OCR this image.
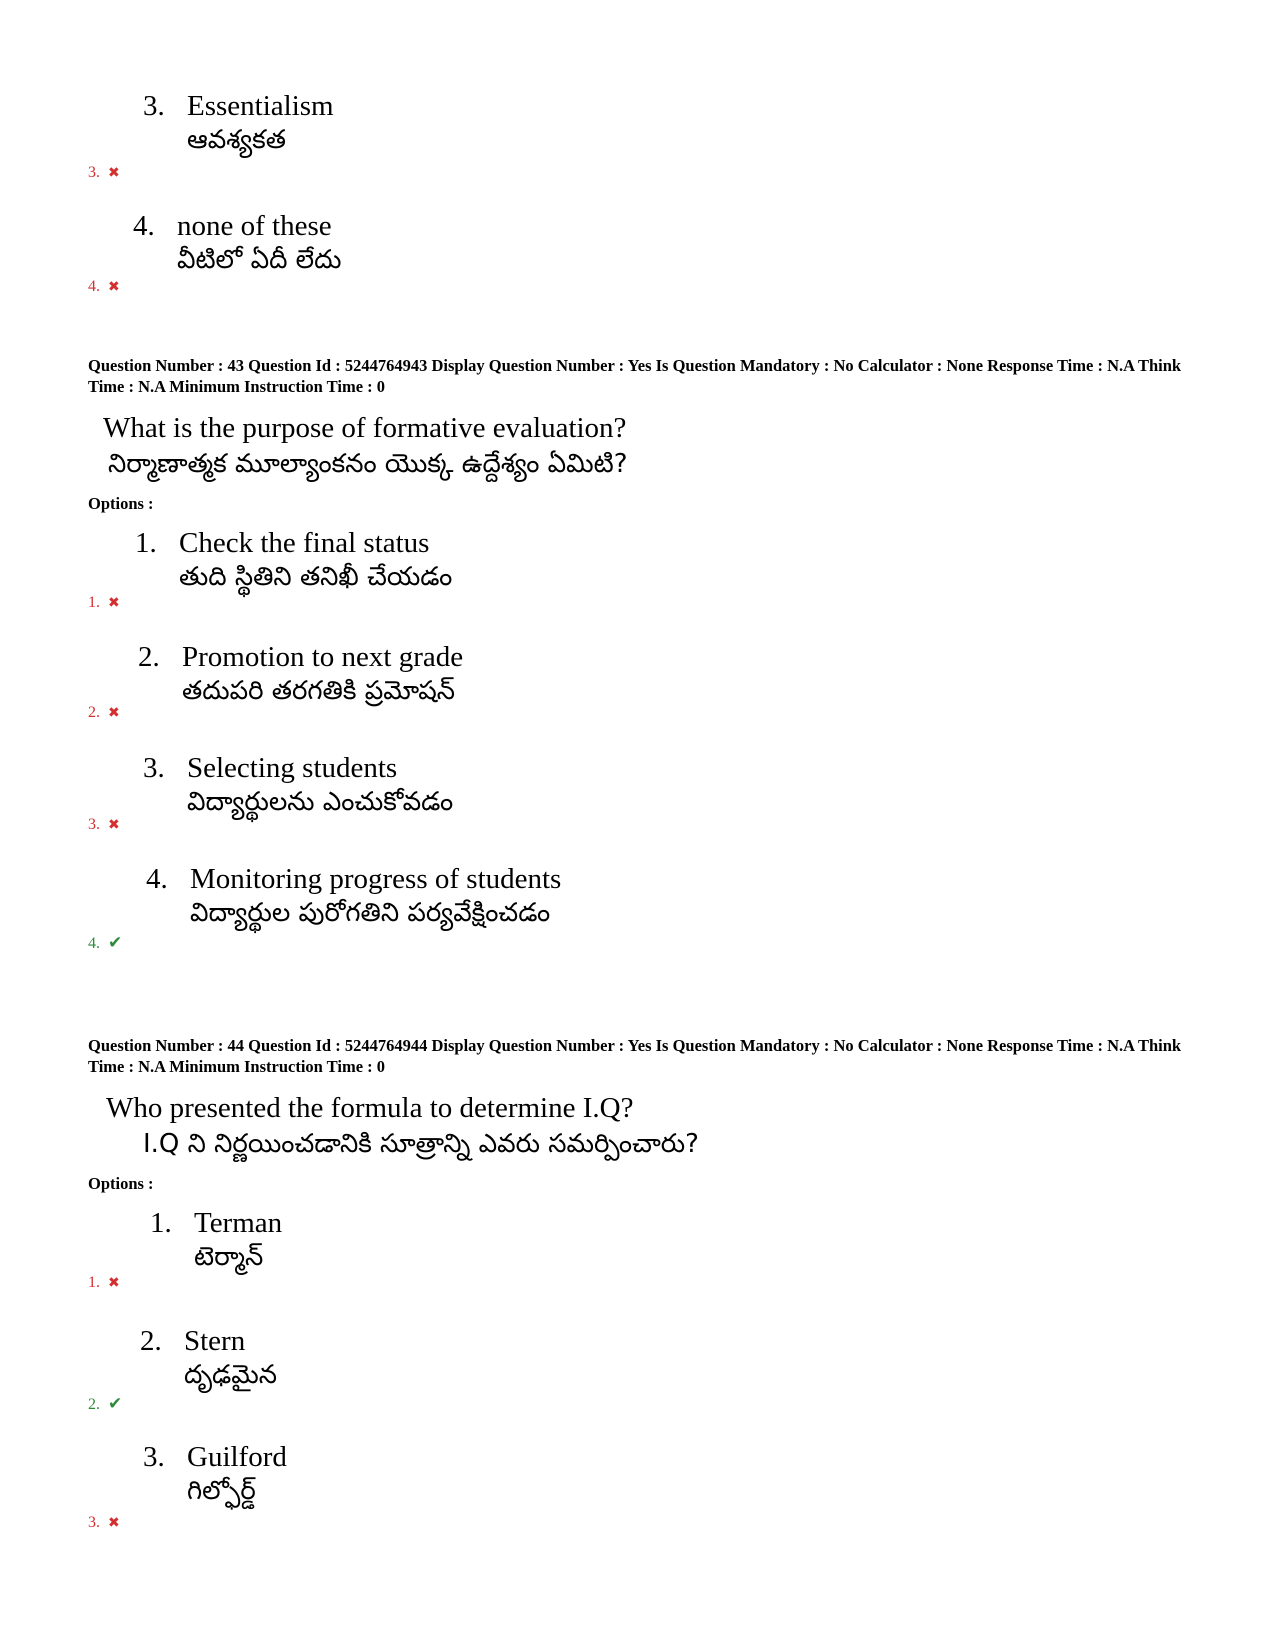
3. Essentialism
ఆవశ్యకత
3. ✖
4. none of these
వీటిలో ఏదీ లేదు
4. ✖
Question Number : 43 Question Id : 5244764943 Display Question Number : Yes Is Question Mandatory : No Calculator : None Response Time : N.A Think Time : N.A Minimum Instruction Time : 0
What is the purpose of formative evaluation?
నిర్మాణాత్మక మూల్యాంకనం యొక్క ఉద్దేశ్యం ఏమిటి?
Options :
1. Check the final status
తుది స్థితిని తనిఖీ చేయడం
1. ✖
2. Promotion to next grade
తదుపరి తరగతికి ప్రమోషన్
2. ✖
3. Selecting students
విద్యార్థులను ఎంచుకోవడం
3. ✖
4. Monitoring progress of students
విద్యార్థుల పురోగతిని పర్యవేక్షించడం
4. ✔
Question Number : 44 Question Id : 5244764944 Display Question Number : Yes Is Question Mandatory : No Calculator : None Response Time : N.A Think Time : N.A Minimum Instruction Time : 0
Who presented the formula to determine I.Q?
I.Q ని నిర్ణయించడానికి సూత్రాన్ని ఎవరు సమర్పించారు?
Options :
1. Terman
టెర్మాన్
1. ✖
2. Stern
దృఢమైన
2. ✔
3. Guilford
గిల్ఫోర్డ్
3. ✖
